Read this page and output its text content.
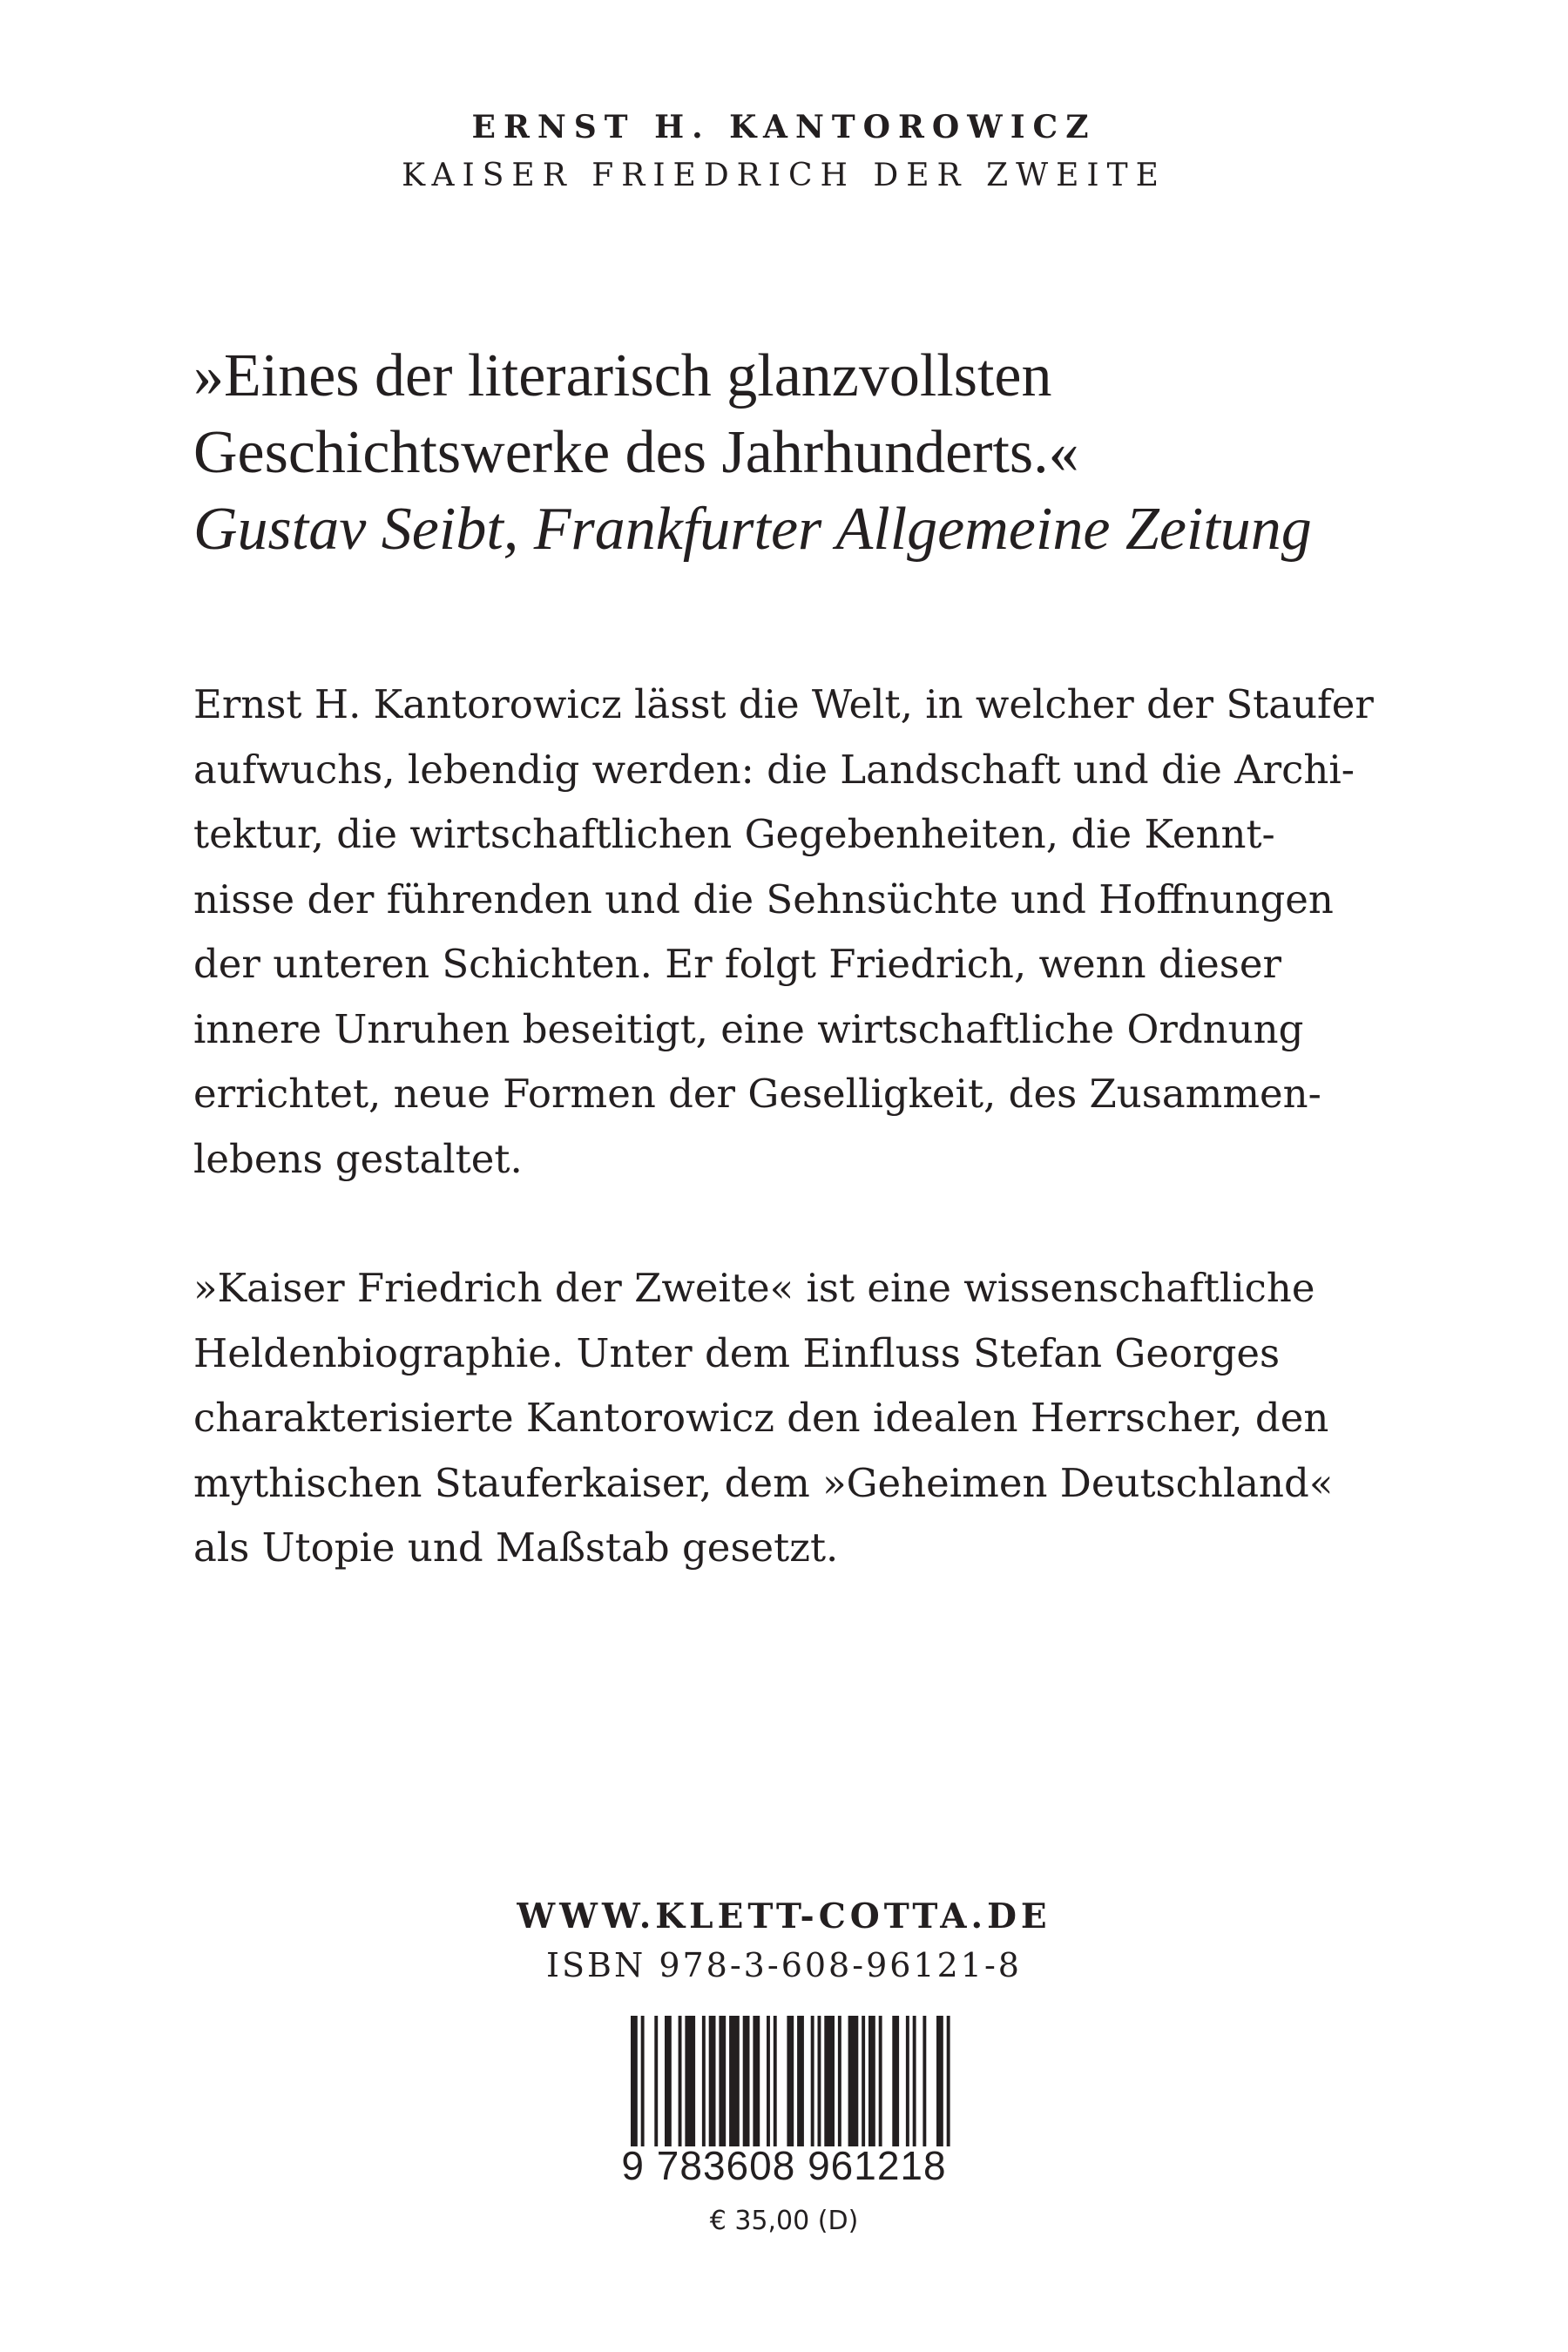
ERNST H. KANTOROWICZ

KAISER FRIEDRICH DER ZWEITE

»Eines der literarisch glanzvollsten

Geschichtswerke des Jahrhunderts.«

Gustav Seibt, Frankfurter Allgemeine Zeitung

Ernst H. Kantorowicz lässt die Welt, in welcher der Staufer
aufwuchs, lebendig werden: die Landschaft und die Archi-
tektur, die wirtschaftlichen Gegebenheiten, die Kennt-
nisse der führenden und die Sehnsüchte und Hoffnungen
der unteren Schichten. Er folgt Friedrich, wenn dieser
innere Unruhen beseitigt, eine wirtschaftliche Ordnung
errichtet, neue Formen der Geselligkeit, des Zusammen-
lebens gestaltet.

»Kaiser Friedrich der Zweite« ist eine wissenschaftliche
Heldenbiographie. Unter dem Einfluss Stefan Georges
charakterisierte Kantorowicz den idealen Herrscher, den
mythischen Stauferkaiser, dem »Geheimen Deutschland«
als Utopie und Maßstab gesetzt.

WWW.KLETT-COTTA.DE

ISBN 978-3-608-96121-8

9 783608 961218
€ 35,00 (D)
